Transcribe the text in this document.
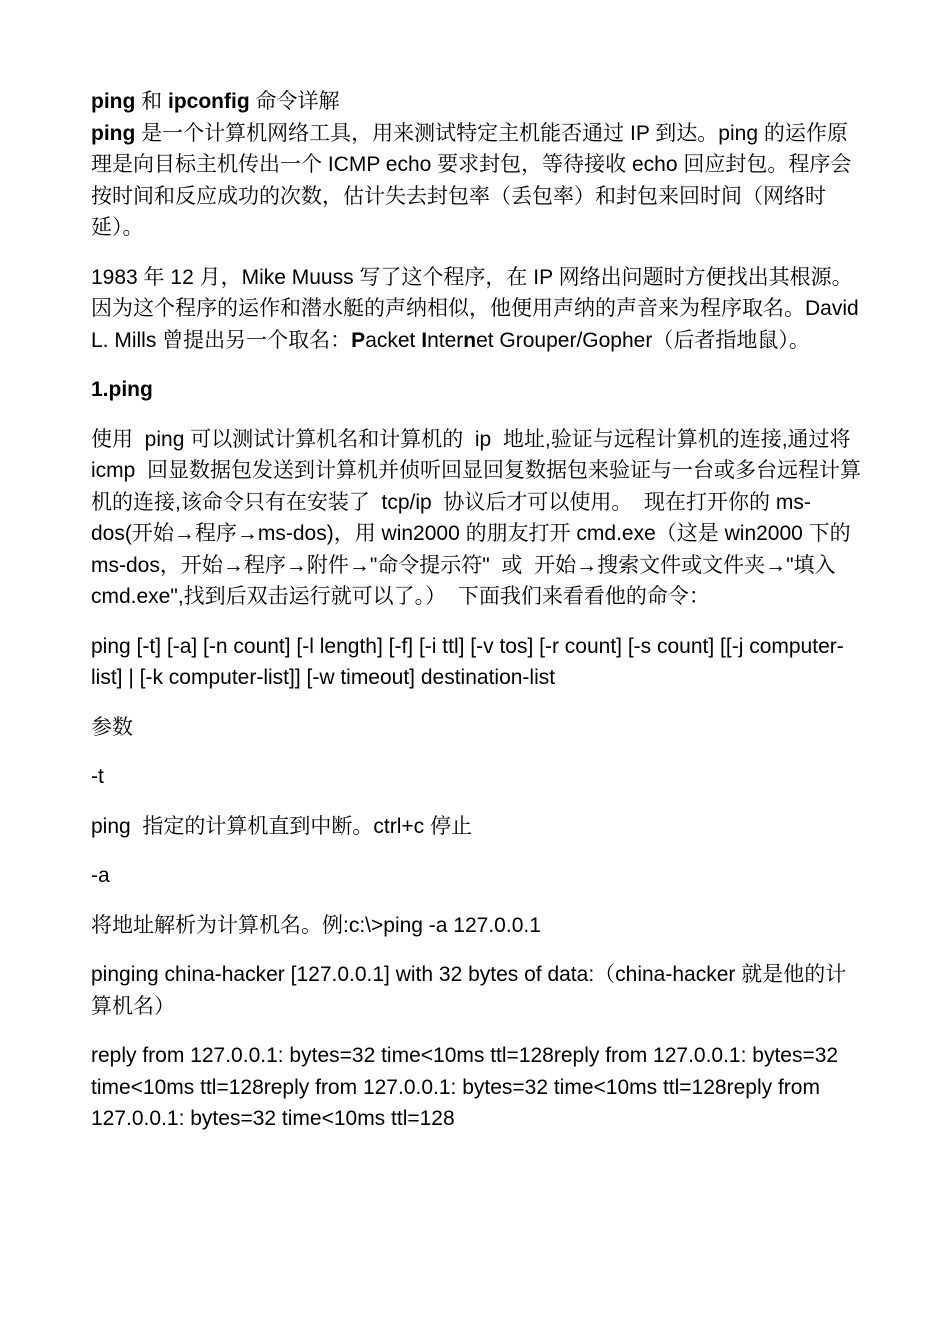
ping 和 ipconfig 命令详解
ping 是一个计算机网络工具，用来测试特定主机能否通过 IP 到达。ping 的运作原理是向目标主机传出一个 ICMP echo 要求封包，等待接收 echo 回应封包。程序会按时间和反应成功的次数，估计失去封包率（丢包率）和封包来回时间（网络时延）。
1983 年 12 月，Mike Muuss 写了这个程序，在 IP 网络出问题时方便找出其根源。因为这个程序的运作和潜水艇的声纳相似，他便用声纳的声音来为程序取名。David L. Mills 曾提出另一个取名：Packet Internet Grouper/Gopher（后者指地鼠）。
1.ping
使用  ping 可以测试计算机名和计算机的  ip  地址,验证与远程计算机的连接,通过将  icmp  回显数据包发送到计算机并侦听回显回复数据包来验证与一台或多台远程计算机的连接,该命令只有在安装了  tcp/ip  协议后才可以使用。  现在打开你的 ms-dos(开始→程序→ms-dos)，用 win2000 的朋友打开 cmd.exe（这是 win2000 下的 ms-dos，开始→程序→附件→"命令提示符"  或  开始→搜索文件或文件夹→"填入 cmd.exe",找到后双击运行就可以了。）  下面我们来看看他的命令：
ping [-t] [-a] [-n count] [-l length] [-f] [-i ttl] [-v tos] [-r count] [-s count] [[-j computer-list] | [-k computer-list]] [-w timeout] destination-list
参数
-t
ping  指定的计算机直到中断。ctrl+c 停止
-a
将地址解析为计算机名。例:c:\>ping -a 127.0.0.1
pinging china-hacker [127.0.0.1] with 32 bytes of data:（china-hacker 就是他的计算机名）
reply from 127.0.0.1: bytes=32 time<10ms ttl=128reply from 127.0.0.1: bytes=32 time<10ms ttl=128reply from 127.0.0.1: bytes=32 time<10ms ttl=128reply from 127.0.0.1: bytes=32 time<10ms ttl=128
